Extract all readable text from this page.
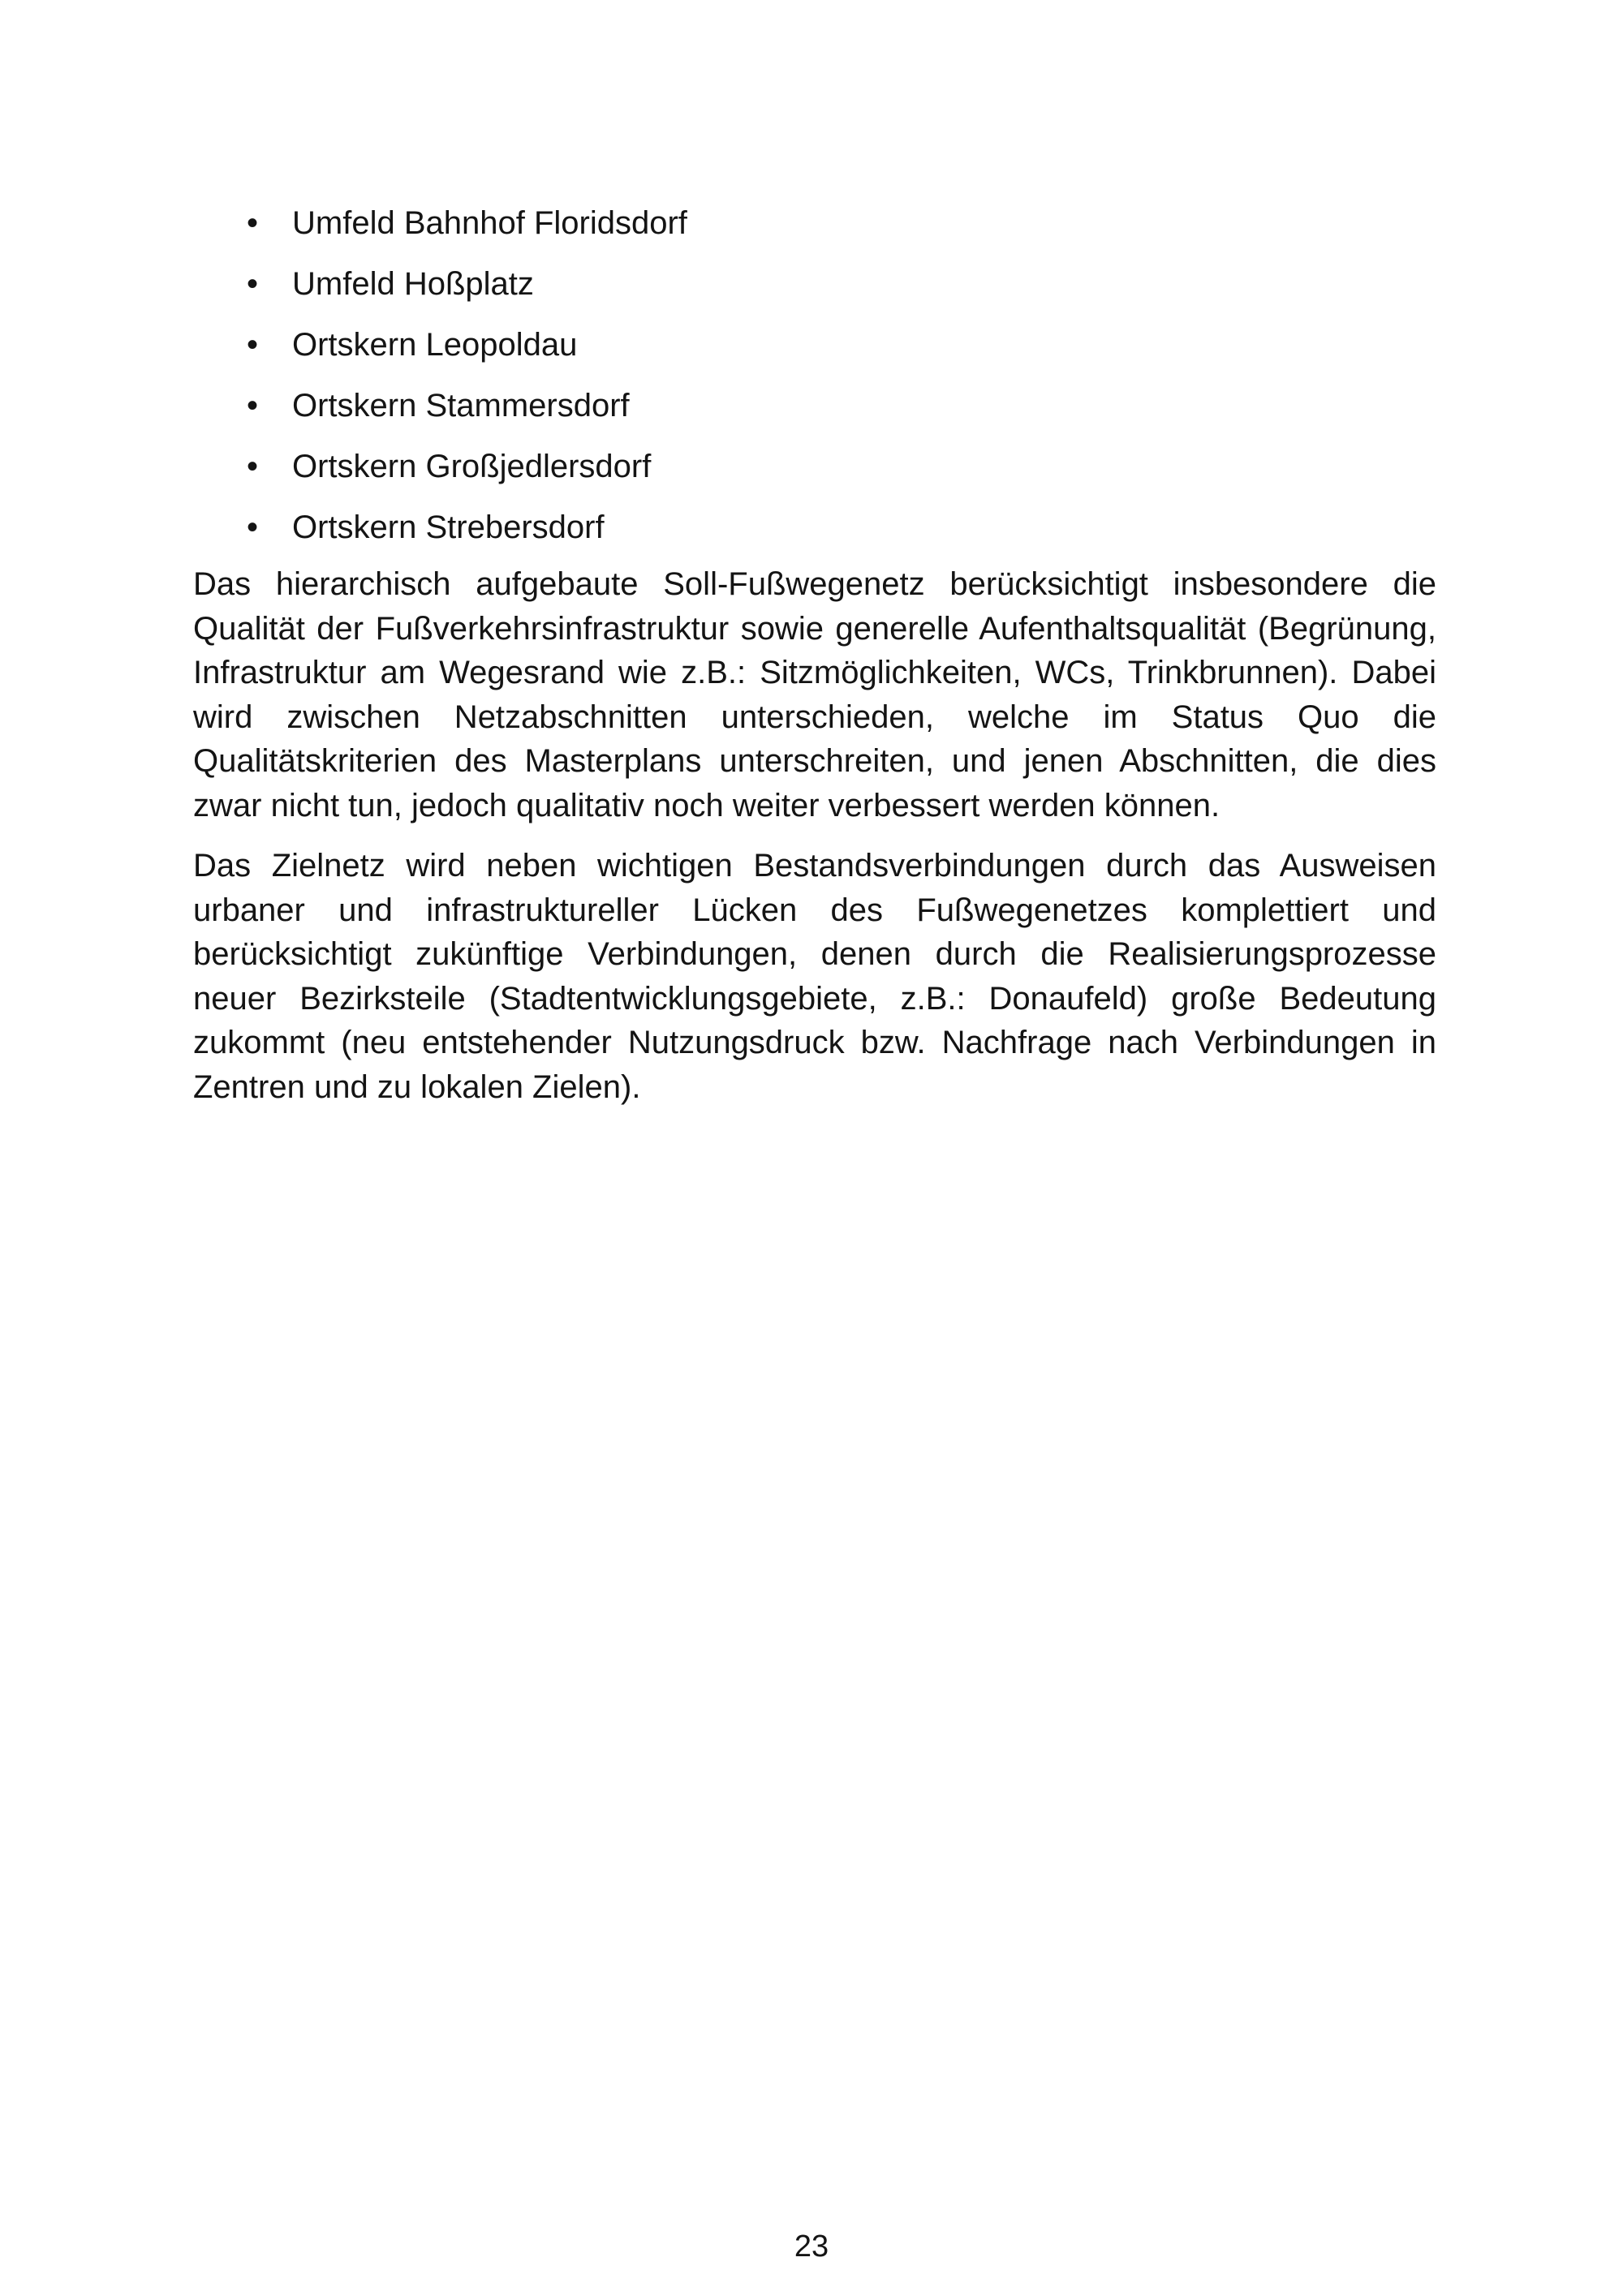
• Umfeld Bahnhof Floridsdorf
• Umfeld Hoßplatz
• Ortskern Leopoldau
• Ortskern Stammersdorf
• Ortskern Großjedlersdorf
• Ortskern Strebersdorf

Das hierarchisch aufgebaute Soll-Fußwegenetz berücksichtigt insbesondere die Qualität der Fußverkehrsinfrastruktur sowie generelle Aufenthaltsqualität (Begrünung, Infrastruktur am Wegesrand wie z.B.: Sitzmöglichkeiten, WCs, Trinkbrunnen). Dabei wird zwischen Netzabschnitten unterschieden, welche im Status Quo die Qualitätskriterien des Masterplans unterschreiten, und jenen Abschnitten, die dies zwar nicht tun, jedoch qualitativ noch weiter verbessert werden können.

Das Zielnetz wird neben wichtigen Bestandsverbindungen durch das Ausweisen urbaner und infrastruktureller Lücken des Fußwegenetzes komplettiert und berücksichtigt zukünftige Verbindungen, denen durch die Realisierungsprozesse neuer Bezirksteile (Stadtentwicklungsgebiete, z.B.: Donaufeld) große Bedeutung zukommt (neu entstehender Nutzungsdruck bzw. Nachfrage nach Verbindungen in Zentren und zu lokalen Zielen).

23
